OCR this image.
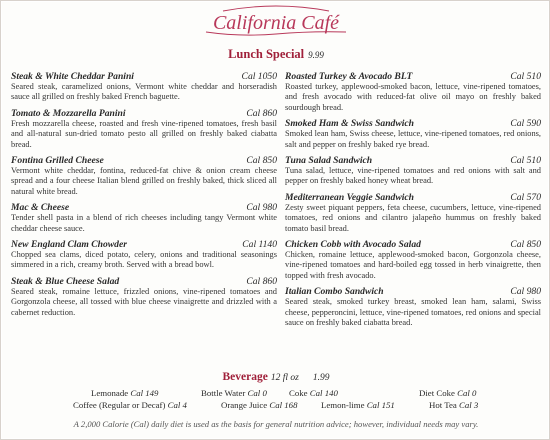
California Café
Lunch Special 9.99
Steak & White Cheddar Panini	Cal 1050
Seared steak, caramelized onions, Vermont white cheddar and horseradish sauce all grilled on freshly baked French baguette.
Tomato & Mozzarella Panini	Cal 860
Fresh mozzarella cheese, roasted and fresh vine-ripened tomatoes, fresh basil and all-natural sun-dried tomato pesto all grilled on freshly baked ciabatta bread.
Fontina Grilled Cheese	Cal 850
Vermont white cheddar, fontina, reduced-fat chive & onion cream cheese spread and a four cheese Italian blend grilled on freshly baked, thick sliced all natural white bread.
Mac & Cheese	Cal 980
Tender shell pasta in a blend of rich cheeses including tangy Vermont white cheddar cheese sauce.
New England Clam Chowder	Cal 1140
Chopped sea clams, diced potato, celery, onions and traditional seasonings simmered in a rich, creamy broth. Served with a bread bowl.
Steak & Blue Cheese Salad	Cal 860
Seared steak, romaine lettuce, frizzled onions, vine-ripened tomatoes and Gorgonzola cheese, all tossed with blue cheese vinaigrette and drizzled with a cabernet reduction.
Roasted Turkey & Avocado BLT	Cal 510
Roasted turkey, applewood-smoked bacon, lettuce, vine-ripened tomatoes, and fresh avocado with reduced-fat olive oil mayo on freshly baked sourdough bread.
Smoked Ham & Swiss Sandwich	Cal 590
Smoked lean ham, Swiss cheese, lettuce, vine-ripened tomatoes, red onions, salt and pepper on freshly baked rye bread.
Tuna Salad Sandwich	Cal 510
Tuna salad, lettuce, vine-ripened tomatoes and red onions with salt and pepper on freshly baked honey wheat bread.
Mediterranean Veggie Sandwich	Cal 570
Zesty sweet piquant peppers, feta cheese, cucumbers, lettuce, vine-ripened tomatoes, red onions and cilantro jalapeño hummus on freshly baked tomato basil bread.
Chicken Cobb with Avocado Salad	Cal 850
Chicken, romaine lettuce, applewood-smoked bacon, Gorgonzola cheese, vine-ripened tomatoes and hard-boiled egg tossed in herb vinaigrette, then topped with fresh avocado.
Italian Combo Sandwich	Cal 980
Seared steak, smoked turkey breast, smoked lean ham, salami, Swiss cheese, pepperoncini, lettuce, vine-ripened tomatoes, red onions and special sauce on freshly baked ciabatta bread.
Beverage 12 fl oz 1.99
Lemonade Cal 149	Bottle Water Cal 0	Coke Cal 140	Diet Coke Cal 0
Coffee (Regular or Decaf) Cal 4	Orange Juice Cal 168	Lemon-lime Cal 151	Hot Tea Cal 3
A 2,000 Calorie (Cal) daily diet is used as the basis for general nutrition advice; however, individual needs may vary.
